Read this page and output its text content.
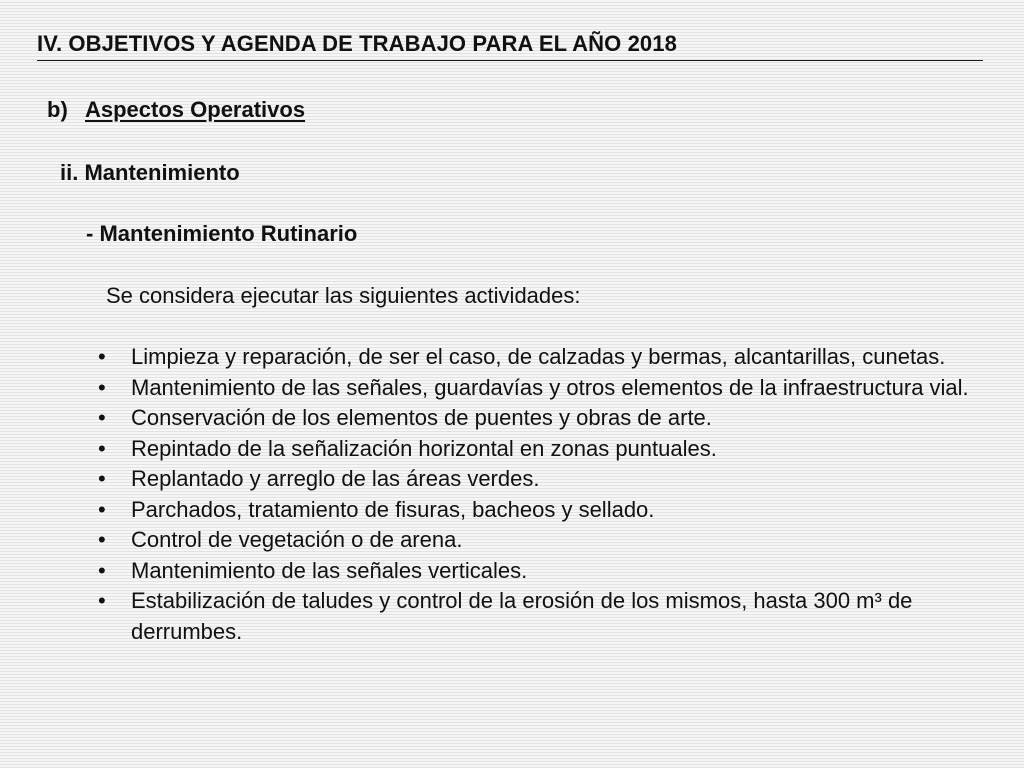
IV. OBJETIVOS Y AGENDA DE TRABAJO PARA EL AÑO 2018
b) Aspectos Operativos
ii. Mantenimiento
- Mantenimiento Rutinario
Se considera ejecutar las siguientes actividades:
• Limpieza y reparación, de ser el caso, de calzadas y bermas, alcantarillas, cunetas.
• Mantenimiento de las señales, guardavías y otros elementos de la infraestructura vial.
• Conservación de los elementos de puentes y obras de arte.
• Repintado de la señalización horizontal en zonas puntuales.
• Replantado y arreglo de las áreas verdes.
• Parchados, tratamiento de fisuras, bacheos y sellado.
• Control de vegetación o de arena.
• Mantenimiento de las señales verticales.
• Estabilización de taludes y control de la erosión de los mismos, hasta 300 m³ de derrumbes.
